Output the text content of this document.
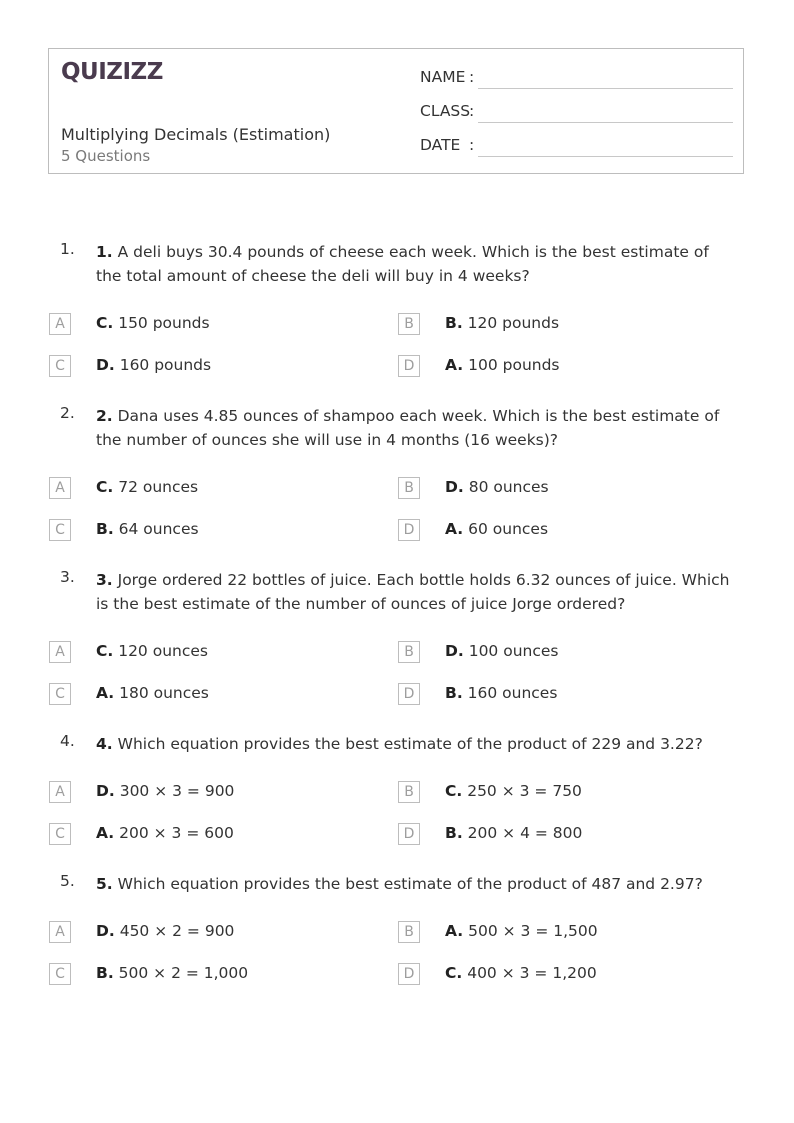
QUIZIZZ
Multiplying Decimals (Estimation)
5 Questions
NAME :
CLASS
:
DATE :
1. 1. A deli buys 30.4 pounds of cheese each week. Which is the best estimate of the total amount of cheese the deli will buy in 4 weeks?
A	C. 150 pounds	B	B. 120 pounds
C	D. 160 pounds	D	A. 100 pounds
2. 2. Dana uses 4.85 ounces of shampoo each week. Which is the best estimate of the number of ounces she will use in 4 months (16 weeks)?
A	C. 72 ounces	B	D. 80 ounces
C	B. 64 ounces	D	A. 60 ounces
3. 3. Jorge ordered 22 bottles of juice. Each bottle holds 6.32 ounces of juice. Which is the best estimate of the number of ounces of juice Jorge ordered?
A	C. 120 ounces	B	D. 100 ounces
C	A. 180 ounces	D	B. 160 ounces
4. 4. Which equation provides the best estimate of the product of 229 and 3.22?
A	D. 300 × 3 = 900	B	C. 250 × 3 = 750
C	A. 200 × 3 = 600	D	B. 200 × 4 = 800
5. 5. Which equation provides the best estimate of the product of 487 and 2.97?
A	D. 450 × 2 = 900	B	A. 500 × 3 = 1,500
C	B. 500 × 2 = 1,000	D	C. 400 × 3 = 1,200
